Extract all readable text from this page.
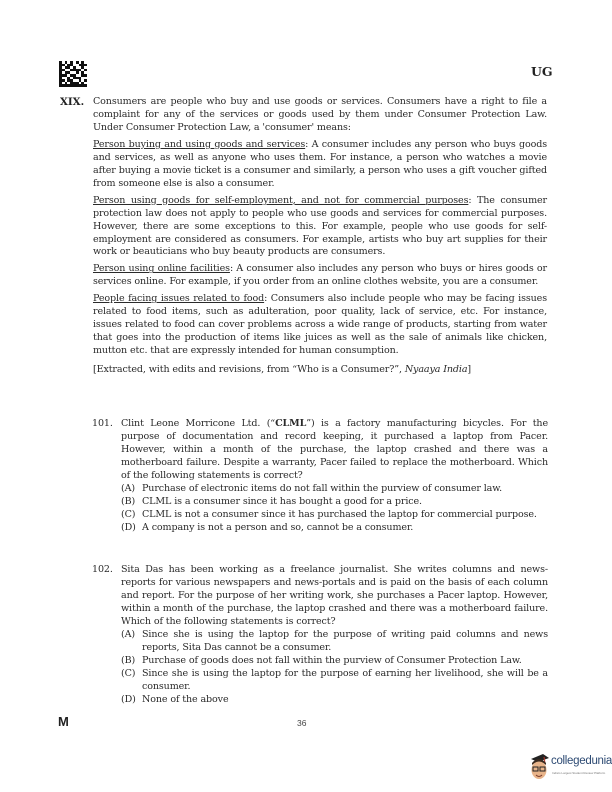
UG
XIX. Consumers are people who buy and use goods or services. Consumers have a right to file a complaint for any of the services or goods used by them under Consumer Protection Law. Under Consumer Protection Law, a 'consumer' means:

Person buying and using goods and services: A consumer includes any person who buys goods and services, as well as anyone who uses them. For instance, a person who watches a movie after buying a movie ticket is a consumer and similarly, a person who uses a gift voucher gifted from someone else is also a consumer.

Person using goods for self-employment, and not for commercial purposes: The consumer protection law does not apply to people who use goods and services for commercial purposes. However, there are some exceptions to this. For example, people who use goods for self-employment are considered as consumers. For example, artists who buy art supplies for their work or beauticians who buy beauty products are consumers.

Person using online facilities: A consumer also includes any person who buys or hires goods or services online. For example, if you order from an online clothes website, you are a consumer.

People facing issues related to food: Consumers also include people who may be facing issues related to food items, such as adulteration, poor quality, lack of service, etc. For instance, issues related to food can cover problems across a wide range of products, starting from water that goes into the production of items like juices as well as the sale of animals like chicken, mutton etc. that are expressly intended for human consumption.

[Extracted, with edits and revisions, from “Who is a Consumer?”, Nyaaya India]

101. Clint Leone Morricone Ltd. (“CLML”) is a factory manufacturing bicycles. For the purpose of documentation and record keeping, it purchased a laptop from Pacer. However, within a month of the purchase, the laptop crashed and there was a motherboard failure. Despite a warranty, Pacer failed to replace the motherboard. Which of the following statements is correct?
(A) Purchase of electronic items do not fall within the purview of consumer law.
(B) CLML is a consumer since it has bought a good for a price.
(C) CLML is not a consumer since it has purchased the laptop for commercial purpose.
(D) A company is not a person and so, cannot be a consumer.
102. Sita Das has been working as a freelance journalist. She writes columns and news-reports for various newspapers and news-portals and is paid on the basis of each column and report. For the purpose of her writing work, she purchases a Pacer laptop. However, within a month of the purchase, the laptop crashed and there was a motherboard failure. Which of the following statements is correct?
(A) Since she is using the laptop for the purpose of writing paid columns and news reports, Sita Das cannot be a consumer.
(B) Purchase of goods does not fall within the purview of Consumer Protection Law.
(C) Since she is using the laptop for the purpose of earning her livelihood, she will be a consumer.
(D) None of the above
M	36
collegedunia
India's Largest Student Review Platform
